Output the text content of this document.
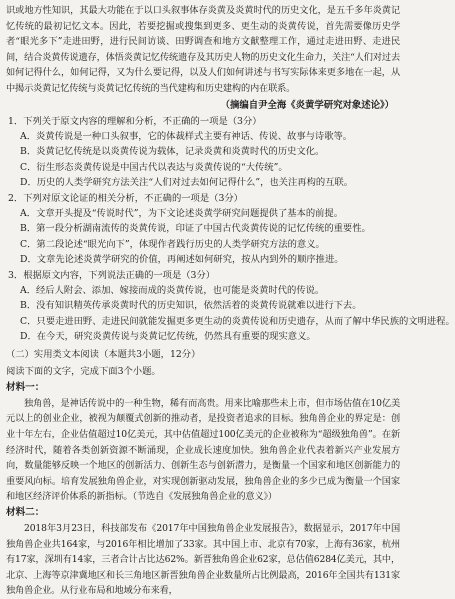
识或地方性知识，其最大功能在于以口头叙事体存炎黄及炎黄时代的历史文化，是五千多年炎黄记忆传统的最初记忆文本。因此，若要挖掘或搜集到更多、更生动的炎黄传说，首先需要像历史学者“眼光多下”走进田野，进行民间访谈、田野调查和地方文献整理工作，通过走进田野、走进民间，结合炎黄传说遗存，体悟炎黄记忆传统遗存及其历史人物的历史文化生命力，关注“人们对过去如何记得什么，如何记得，又为什么要记得，以及人们如何讲述与书写实际体来更多地在一起，从中揭示炎黄记忆传统与炎黄记忆传统的当代建构和历史建构的内在联系。

（摘编自尹全海《炎黄学研究对象述论》）

1．下列关于原文内容的理解和分析，不正确的一项是（3分）

A．炎黄传说是一种口头叙事，它的体裁样式主要有神话、传说、故事与诗歌等。

B．炎黄记忆传统是以炎黄传说为载体，记录炎黄和炎黄时代的历史文化。

C．衍生形态炎黄传说是中国古代以表达与炎黄传说的“大传统”。

D．历史的人类学研究方法关注“人们对过去如何记得什么”，也关注再构的互联。

2．下列对原文论证的相关分析，不正确的一项是（3分）

A．文章开头提及“传说时代”，为下文论述炎黄学研究问题提供了基本的前提。

B．第一段分析湖南流传的炎黄传说，印证了中国古代炎黄传说的记忆传统的重要性。

C．第二段论述“眼光向下”，体现作者践行历史的人类学研究方法的意义。

D．文章先论述炎黄学研究的价值，再阐述如何研究，按从内到外的顺序推进。

3．根据原文内容，下列说法正确的一项是（3分）

A．经后人附会、添加、嫁接而成的炎黄传说，也可能是炎黄时代的传说。

B．没有知识精英传承炎黄时代的历史知识，依然活着的炎黄传说就难以进行下去。

C．只要走进田野、走进民间就能发掘更多更生动的炎黄传说和历史遗存，从而了解中华民族的文明进程。

D．在今天，研究炎黄传说与炎黄记忆传统，仍然具有重要的现实意义。

（二）实用类文本阅读（本题共3小题，12分）

阅读下面的文字，完成下面3个小题。

材料一：

独角兽，是神话传说中的一种生物，稀有而高贵。用来比喻那些未上市，但市场估值在10亿美元以上的创业企业，被视为颠覆式创新的推动者，是投资者追求的目标。独角兽企业的界定是：创业十年左右，企业估值超过10亿美元，其中估值超过100亿美元的企业被称为“超级独角兽”。在新经济时代，随着各类创新资源不断涌现，企业成长速度加快。独角兽企业代表着新兴产业发展方向，数量能够反映一个地区的创新活力、创新生态与创新潜力，是衡量一个国家和地区创新能力的重要风向标。培育发展独角兽企业，对实现创新驱动发展，独角兽企业的多少已成为衡量一个国家和地区经济评价体系的新指标。（节选自《发展独角兽企业的意义》）

材料二：

2018年3月23日，科技部发布《2017年中国独角兽企业发展报告》，数据显示，2017年中国独角兽企业共164家，与2016年相比增加了33家。其中国上市、北京有70家，上海有36家，杭州有17家，深圳有14家，三者合计占比达62%。新晋独角兽企业62家，总估值6284亿美元，其中，北京、上海等京津冀地区和长三角地区新晋独角兽企业数量所占比例最高，2016年全国共有131家独角兽企业。从行业布局和地域分布来看，
